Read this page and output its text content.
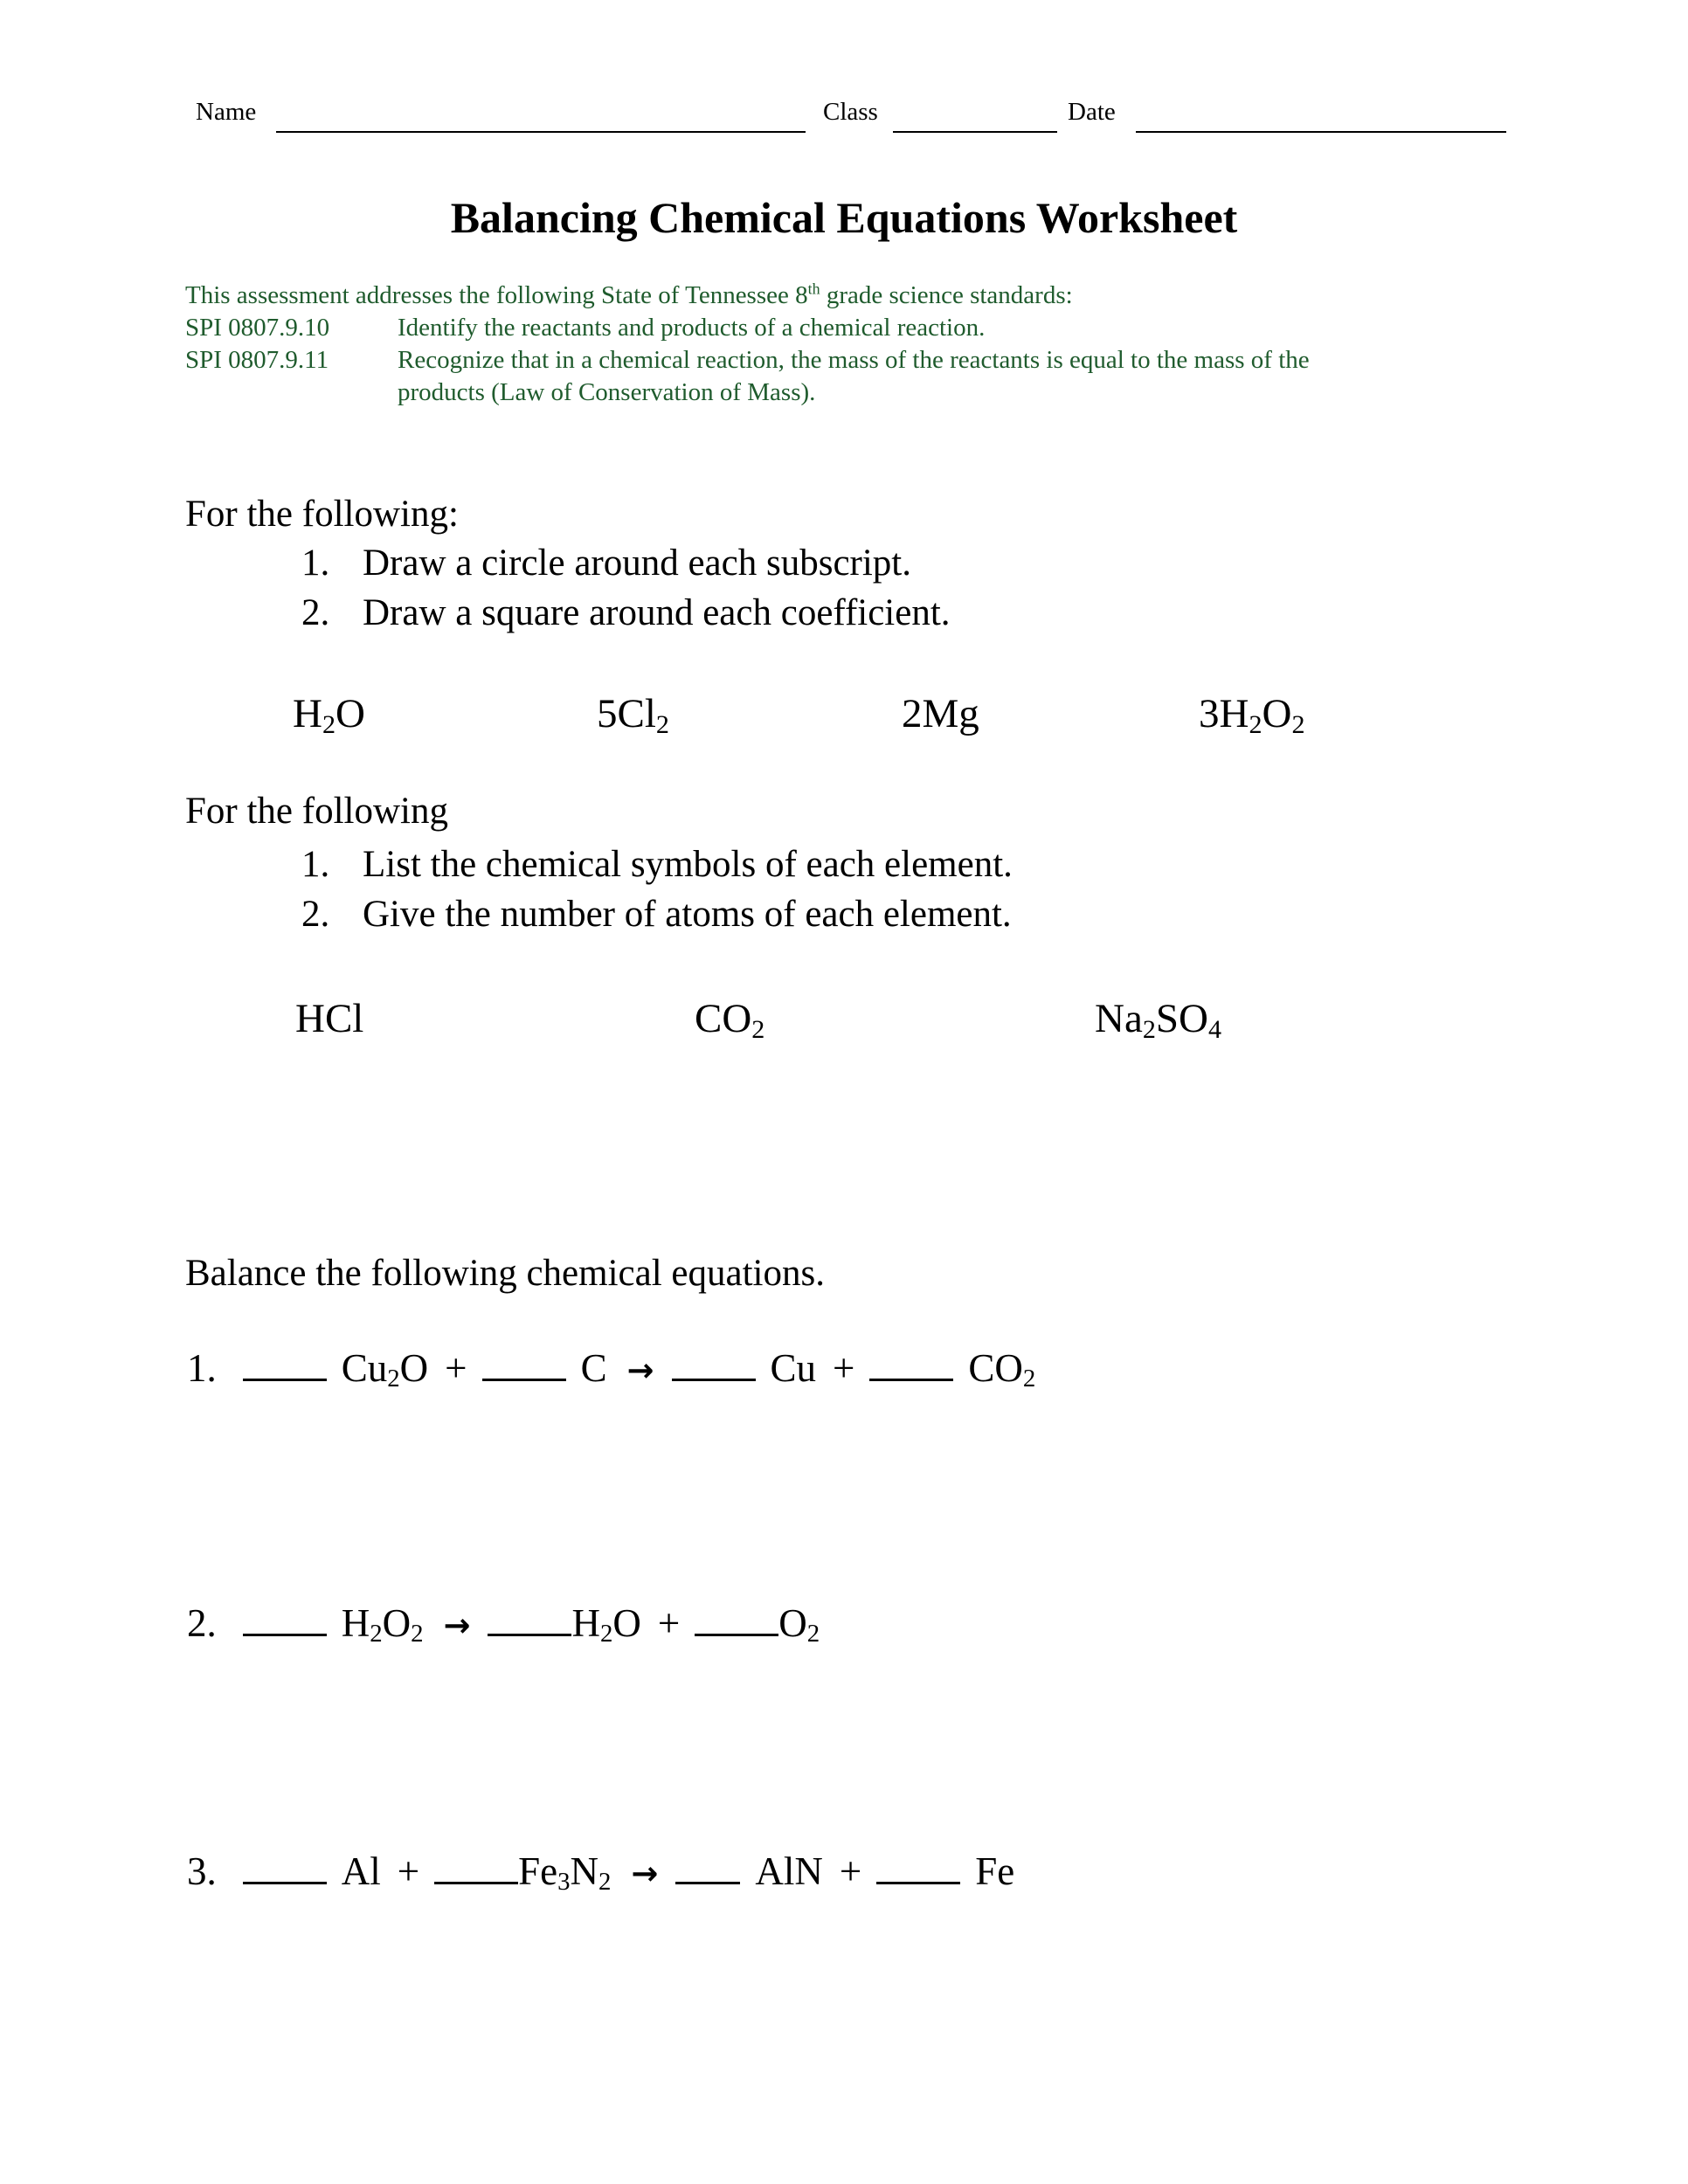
Name	Class	Date
Balancing Chemical Equations Worksheet
This assessment addresses the following State of Tennessee 8th grade science standards:
SPI 0807.9.10	Identify the reactants and products of a chemical reaction.
SPI 0807.9.11	Recognize that in a chemical reaction, the mass of the reactants is equal to the mass of the
products (Law of Conservation of Mass).
For the following:
1. Draw a circle around each subscript.
2. Draw a square around each coefficient.
$H_2O$	$5Cl_2$	2Mg	$3H_2O_2$
For the following
1. List the chemical symbols of each element.
2. Give the number of atoms of each element.
HCl	$CO_2$	$Na_2SO_4$
Balance the following chemical equations.
1.	$Cu_2O$ +	C →	Cu +	$CO_2$
2.	$H_2O_2$ →	$H_2O$ +	$O_2$
3.	Al +	$Fe_3N_2$ → AlN +	Fe
